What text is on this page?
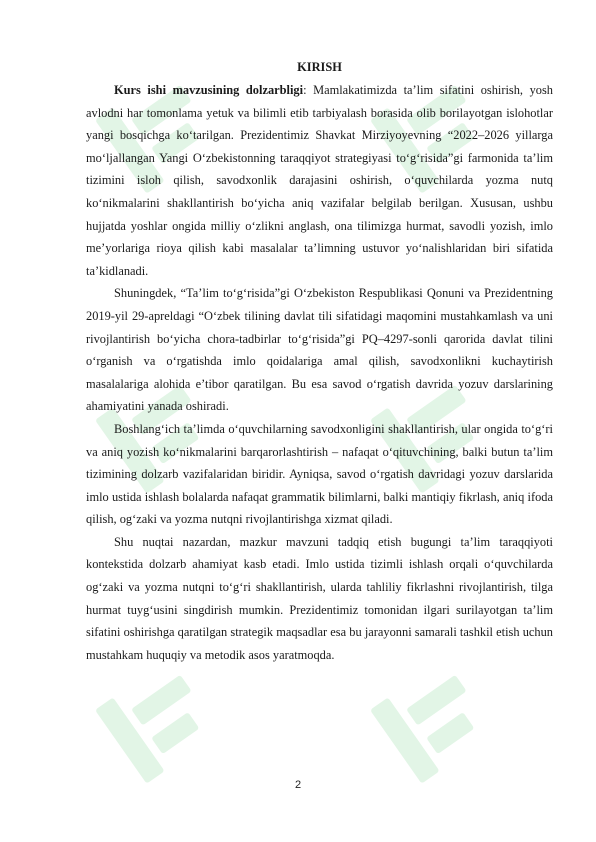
KIRISH

Kurs ishi mavzusining dolzarbligi: Mamlakatimizda ta’lim sifatini oshirish, yosh avlodni har tomonlama yetuk va bilimli etib tarbiyalash borasida olib borilayotgan islohotlar yangi bosqichga ko‘tarilgan. Prezidentimiz Shavkat Mirziyoyevning “2022–2026 yillarga mo‘ljallangan Yangi O‘zbekistonning taraqqiyot strategiyasi to‘g‘risida”gi farmonida ta’lim tizimini isloh qilish, savodxonlik darajasini oshirish, o‘quvchilarda yozma nutq ko‘nikmalarini shakllantirish bo‘yicha aniq vazifalar belgilab berilgan. Xususan, ushbu hujjatda yoshlar ongida milliy o‘zlikni anglash, ona tilimizga hurmat, savodli yozish, imlo me’yorlariga rioya qilish kabi masalalar ta’limning ustuvor yo‘nalishlaridan biri sifatida ta’kidlanadi.

Shuningdek, “Ta’lim to‘g‘risida”gi O‘zbekiston Respublikasi Qonuni va Prezidentning 2019-yil 29-apreldagi “O‘zbek tilining davlat tili sifatidagi maqomini mustahkamlash va uni rivojlantirish bo‘yicha chora-tadbirlar to‘g‘risida”gi PQ–4297-sonli qarorida davlat tilini o‘rganish va o‘rgatishda imlo qoidalariga amal qilish, savodxonlikni kuchaytirish masalalariga alohida e’tibor qaratilgan. Bu esa savod o‘rgatish davrida yozuv darslarining ahamiyatini yanada oshiradi.

Boshlang‘ich ta’limda o‘quvchilarning savodxonligini shakllantirish, ular ongida to‘g‘ri va aniq yozish ko‘nikmalarini barqarorlashtirish – nafaqat o‘qituvchining, balki butun ta’lim tizimining dolzarb vazifalaridan biridir. Ayniqsa, savod o‘rgatish davridagi yozuv darslarida imlo ustida ishlash bolalarda nafaqat grammatik bilimlarni, balki mantiqiy fikrlash, aniq ifoda qilish, og‘zaki va yozma nutqni rivojlantirishga xizmat qiladi.

Shu nuqtai nazardan, mazkur mavzuni tadqiq etish bugungi ta’lim taraqqiyoti kontekstida dolzarb ahamiyat kasb etadi. Imlo ustida tizimli ishlash orqali o‘quvchilarda og‘zaki va yozma nutqni to‘g‘ri shakllantirish, ularda tahliliy fikrlashni rivojlantirish, tilga hurmat tuyg‘usini singdirish mumkin. Prezidentimiz tomonidan ilgari surilayotgan ta’lim sifatini oshirishga qaratilgan strategik maqsadlar esa bu jarayonni samarali tashkil etish uchun mustahkam huquqiy va metodik asos yaratmoqda.

2
